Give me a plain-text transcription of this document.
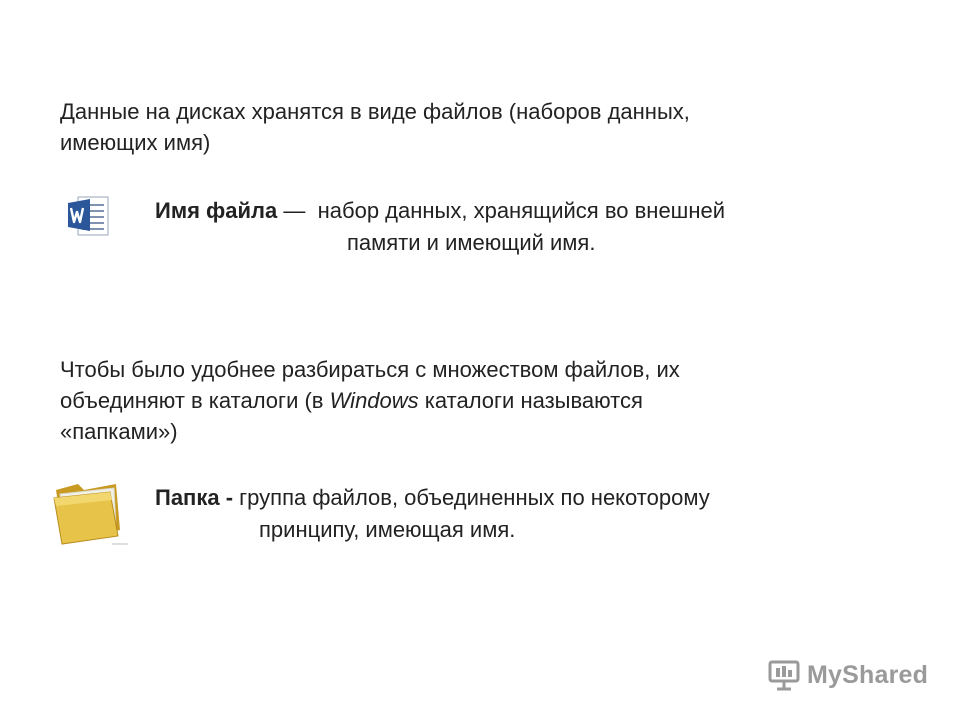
Данные на дисках хранятся в виде файлов (наборов данных,
имеющих имя)
Имя файла —  набор данных, хранящийся во внешней
памяти и имеющий имя.
Чтобы было удобнее разбираться с множеством файлов, их
объединяют в каталоги (в Windows каталоги называются
«папками»)
Папка - группа файлов, объединенных по некоторому
принципу, имеющая имя.
MyShared
